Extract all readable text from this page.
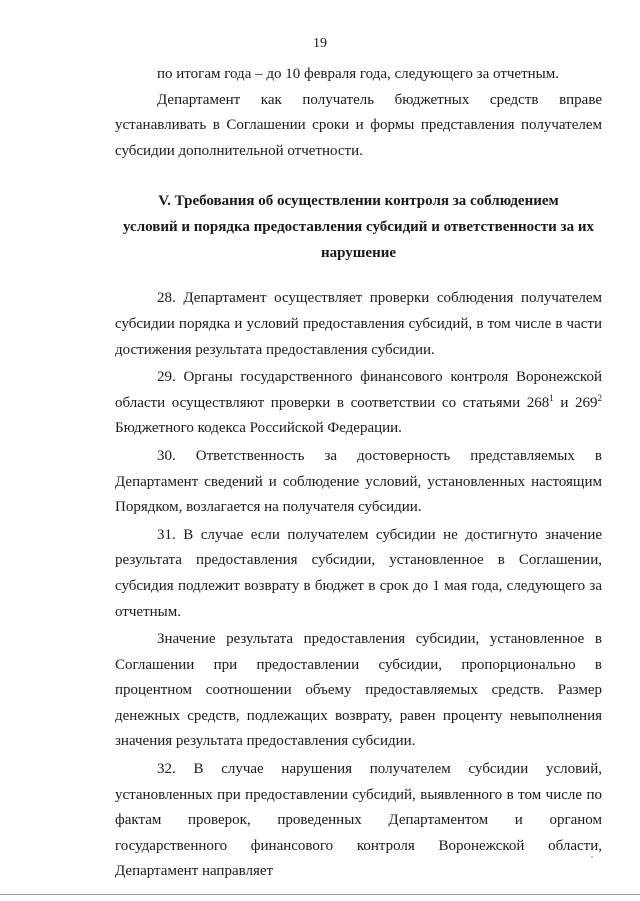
19

по итогам года – до 10 февраля года, следующего за отчетным.

Департамент как получатель бюджетных средств вправе устанавливать в Соглашении сроки и формы представления получателем субсидии дополнительной отчетности.

V. Требования об осуществлении контроля за соблюдением
условий и порядка предоставления субсидий и ответственности за их
нарушение

28. Департамент осуществляет проверки соблюдения получателем субсидии порядка и условий предоставления субсидий, в том числе в части достижения результата предоставления субсидии.

29. Органы государственного финансового контроля Воронежской области осуществляют проверки в соответствии со статьями $268^1$ и $269^2$ Бюджетного кодекса Российской Федерации.

30. Ответственность за достоверность представляемых в Департамент сведений и соблюдение условий, установленных настоящим Порядком, возлагается на получателя субсидии.

31. В случае если получателем субсидии не достигнуто значение результата предоставления субсидии, установленное в Соглашении, субсидия подлежит возврату в бюджет в срок до 1 мая года, следующего за отчетным.

Значение результата предоставления субсидии, установленное в Соглашении при предоставлении субсидии, пропорционально в процентном соотношении объему предоставляемых средств. Размер денежных средств, подлежащих возврату, равен проценту невыполнения значения результата предоставления субсидии.

32. В случае нарушения получателем субсидии условий, установленных при предоставлении субсидий, выявленного в том числе по фактам проверок, проведенных Департаментом и органом государственного финансового контроля Воронежской области, Департамент направляет
